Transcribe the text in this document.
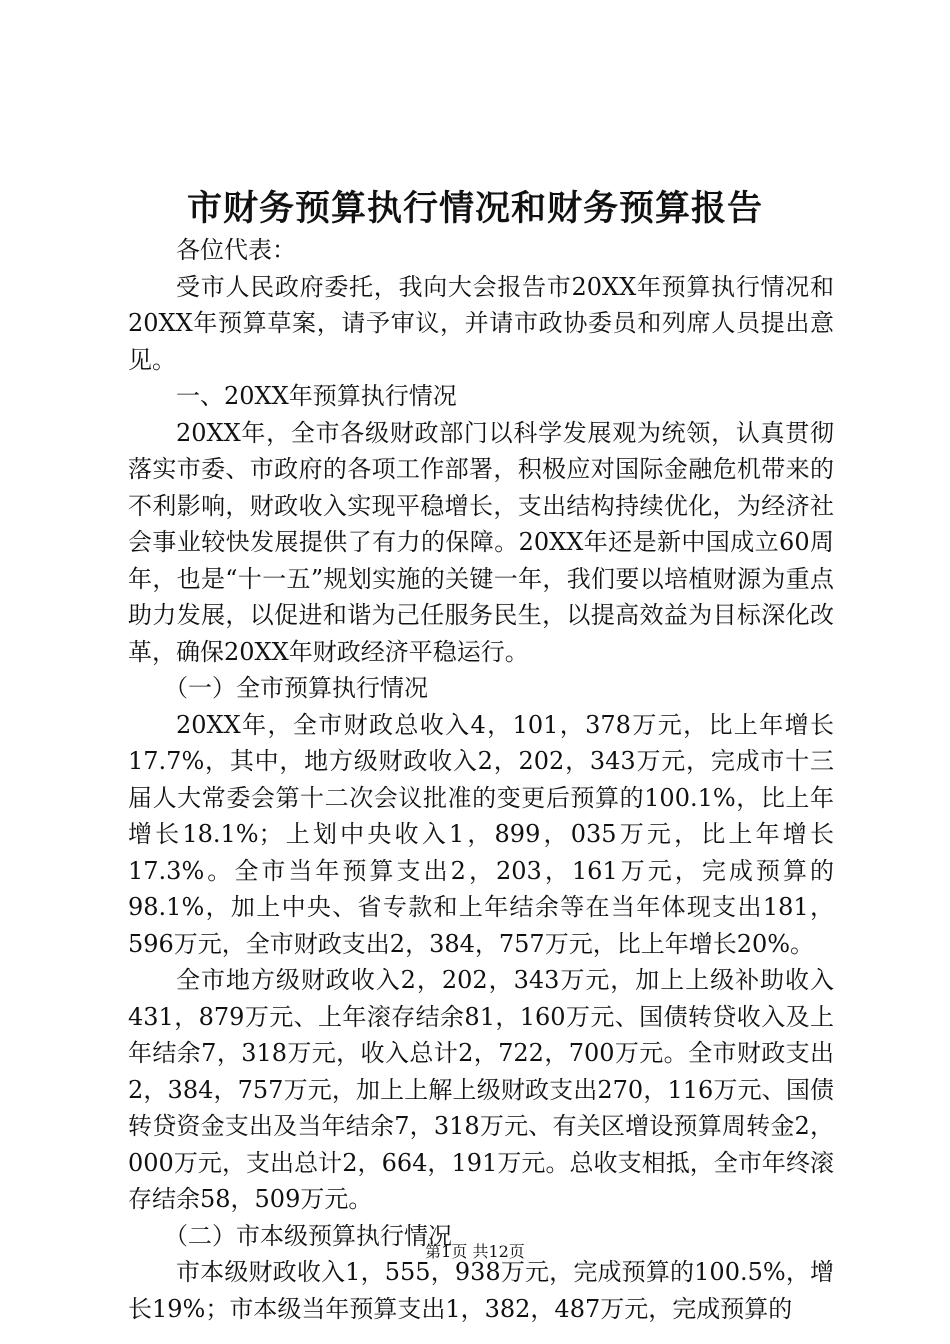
市财务预算执行情况和财务预算报告

各位代表：

受市人民政府委托，我向大会报告市20XX年预算执行情况和20XX年预算草案，请予审议，并请市政协委员和列席人员提出意见。

一、20XX年预算执行情况

20XX年，全市各级财政部门以科学发展观为统领，认真贯彻落实市委、市政府的各项工作部署，积极应对国际金融危机带来的不利影响，财政收入实现平稳增长，支出结构持续优化，为经济社会事业较快发展提供了有力的保障。20XX年还是新中国成立60周年，也是“十一五”规划实施的关键一年，我们要以培植财源为重点助力发展，以促进和谐为己任服务民生，以提高效益为目标深化改革，确保20XX年财政经济平稳运行。

（一）全市预算执行情况

20XX年，全市财政总收入4，101，378万元，比上年增长17.7%，其中，地方级财政收入2，202，343万元，完成市十三届人大常委会第十二次会议批准的变更后预算的100.1%，比上年增长18.1%；上划中央收入1，899，035万元，比上年增长17.3%。全市当年预算支出2，203，161万元，完成预算的98.1%，加上中央、省专款和上年结余等在当年体现支出181，596万元，全市财政支出2，384，757万元，比上年增长20%。

全市地方级财政收入2，202，343万元，加上上级补助收入431，879万元、上年滚存结余81，160万元、国债转贷收入及上年结余7，318万元，收入总计2，722，700万元。全市财政支出2，384，757万元，加上上解上级财政支出270，116万元、国债转贷资金支出及当年结余7，318万元、有关区增设预算周转金2，000万元，支出总计2，664，191万元。总收支相抵，全市年终滚存结余58，509万元。

（二）市本级预算执行情况

市本级财政收入1，555，938万元，完成预算的100.5%，增长19%；市本级当年预算支出1，382，487万元，完成预算的

第1页 共12页
